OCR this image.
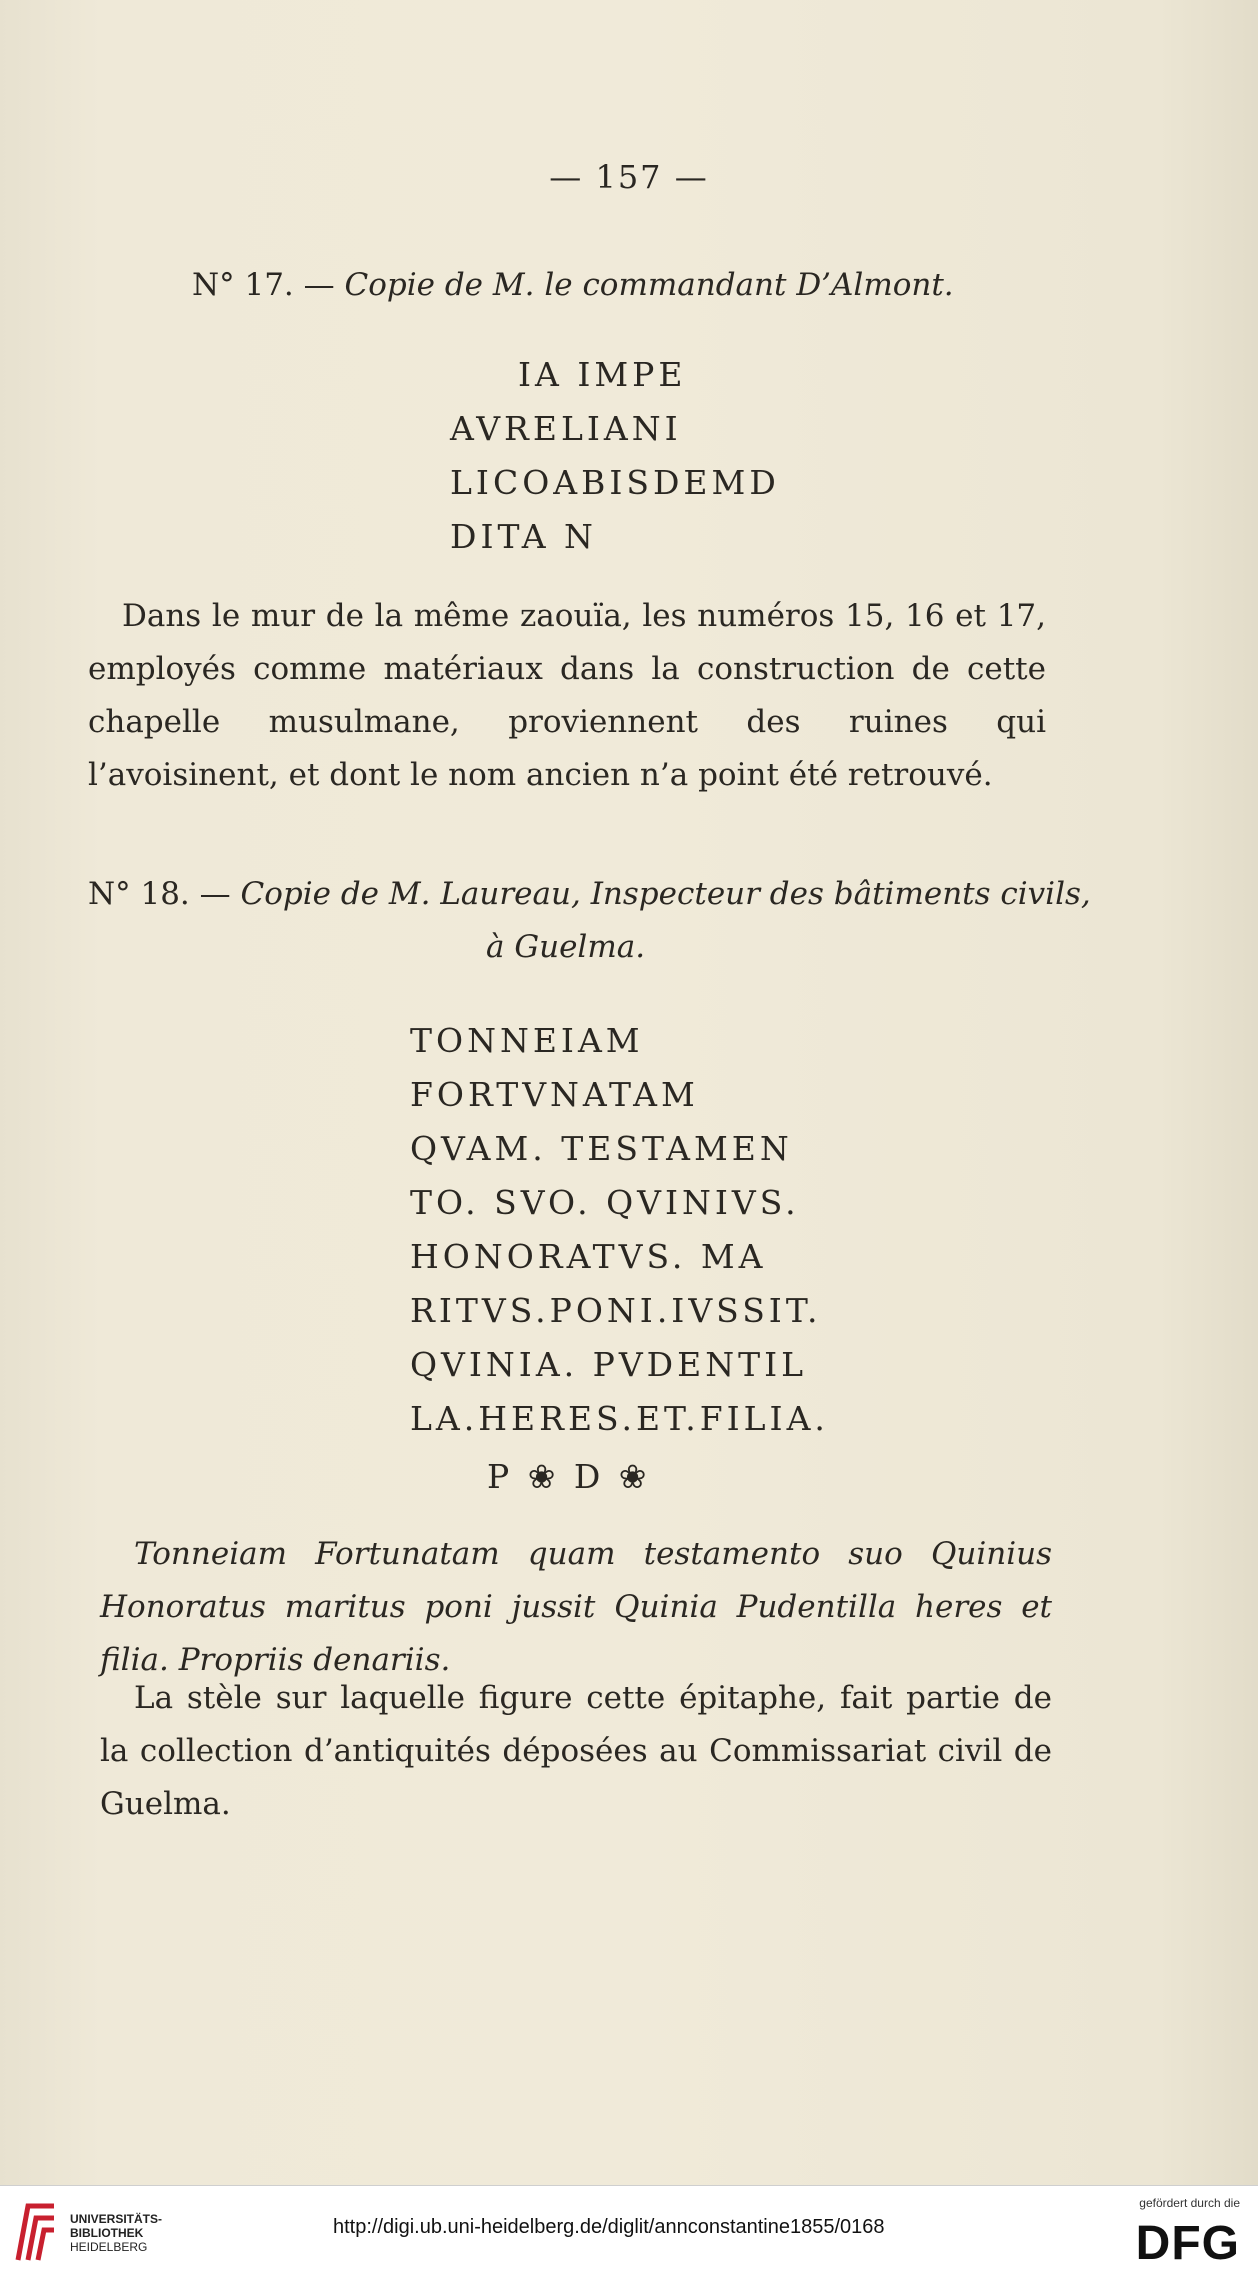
— 157 —
N° 17. — Copie de M. le commandant D’Almont.
IA IMPE
AVRELIANI
LICOABISDEMD
DITA N
Dans le mur de la même zaouïa, les numéros 15, 16 et 17, employés comme matériaux dans la construction de cette chapelle musulmane, proviennent des ruines qui l’avoisinent, et dont le nom ancien n’a point été retrouvé.
N° 18. — Copie de M. Laureau, Inspecteur des bâtiments civils,
à Guelma.
TONNEIAM
FORTVNATAM
QVAM. TESTAMEN
TO. SVO. QVINIVS.
HONORATVS. MA
RITVS.PONI.IVSSIT.
QVINIA. PVDENTIL
LA.HERES.ET.FILIA.
P ❀ D ❀
Tonneiam Fortunatam quam testamento suo Quinius Honoratus maritus poni jussit Quinia Pudentilla heres et filia. Propriis denariis.
La stèle sur laquelle figure cette épitaphe, fait partie de la collection d’antiquités déposées au Commissariat civil de Guelma.
UNIVERSITÄTS-
BIBLIOTHEK
HEIDELBERG
http://digi.ub.uni-heidelberg.de/diglit/annconstantine1855/0168
gefördert durch die
DFG
